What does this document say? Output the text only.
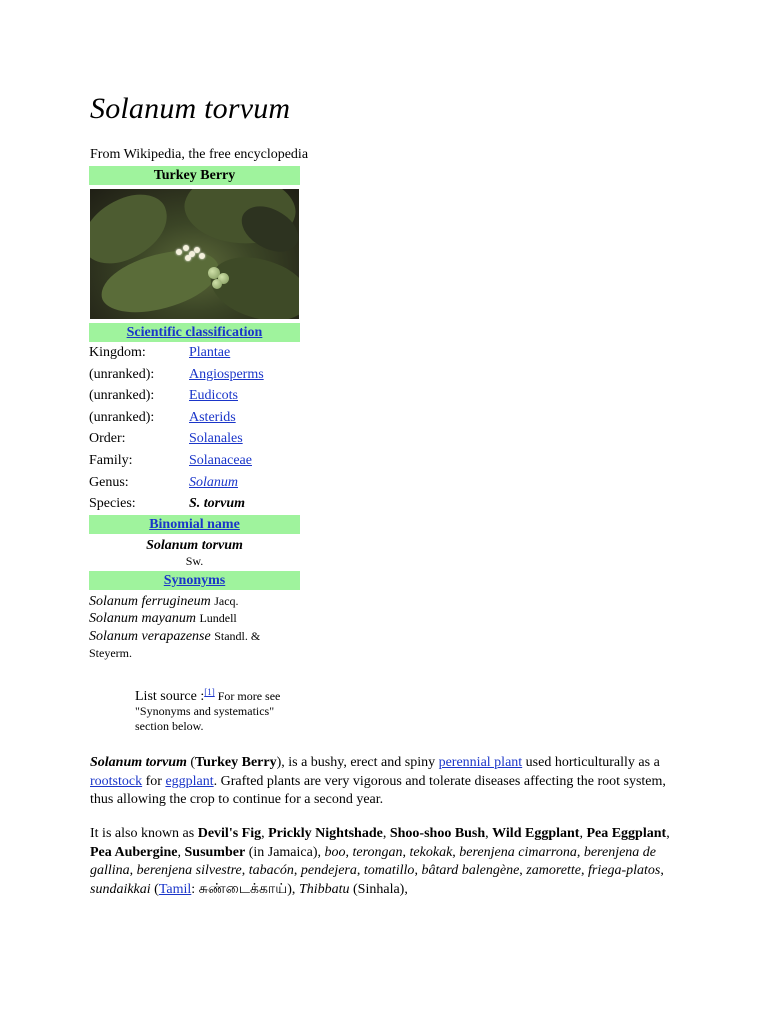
Solanum torvum
From Wikipedia, the free encyclopedia
Turkey Berry
Scientific classification
Kingdom:	Plantae
(unranked):	Angiosperms
(unranked):	Eudicots
(unranked):	Asterids
Order:	Solanales
Family:	Solanaceae
Genus:	Solanum
Species:	S. torvum
Binomial name
Solanum torvum
Sw.
Synonyms
Solanum ferrugineum Jacq.
Solanum mayanum Lundell
Solanum verapazense Standl. & Steyerm.
List source :[1] For more see "Synonyms and systematics" section below.

Solanum torvum (Turkey Berry), is a bushy, erect and spiny perennial plant used horticulturally as a rootstock for eggplant. Grafted plants are very vigorous and tolerate diseases affecting the root system, thus allowing the crop to continue for a second year.

It is also known as Devil's Fig, Prickly Nightshade, Shoo-shoo Bush, Wild Eggplant, Pea Eggplant, Pea Aubergine, Susumber (in Jamaica), boo, terongan, tekokak, berenjena cimarrona, berenjena de gallina, berenjena silvestre, tabacón, pendejera, tomatillo, bâtard balengène, zamorette, friega-platos, sundaikkai (Tamil: சுண்டைக்காய்), Thibbatu (Sinhala),
